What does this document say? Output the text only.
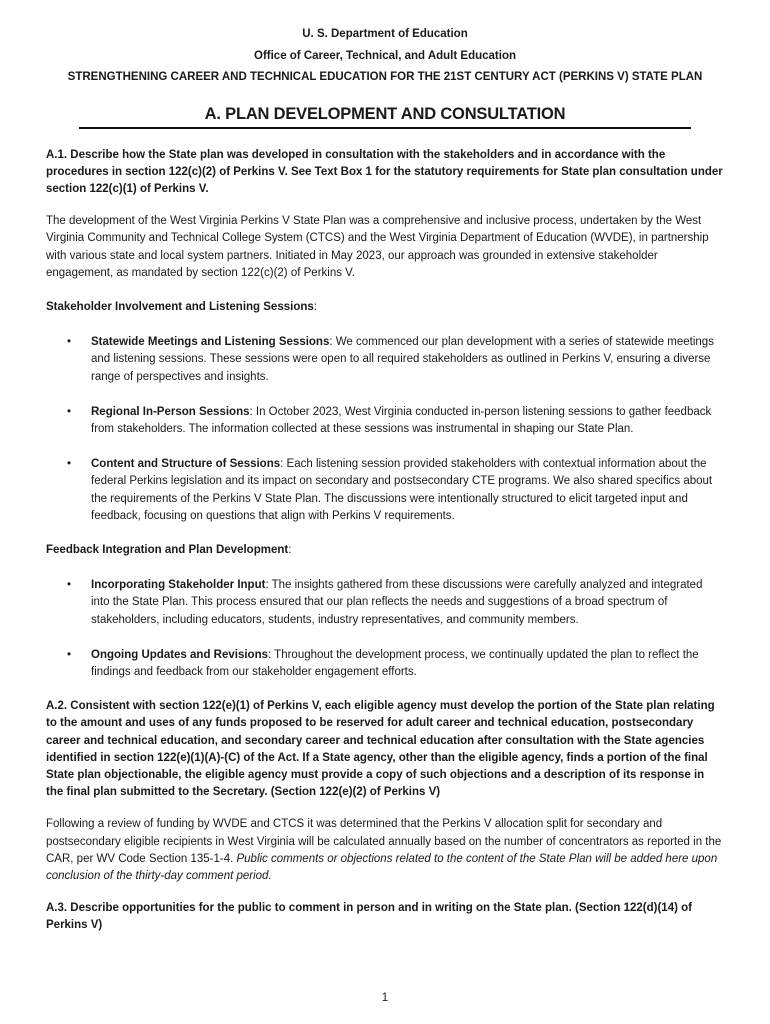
U. S. Department of Education
Office of Career, Technical, and Adult Education
STRENGTHENING CAREER AND TECHNICAL EDUCATION FOR THE 21ST CENTURY ACT (PERKINS V) STATE PLAN
A. PLAN DEVELOPMENT AND CONSULTATION

A.1. Describe how the State plan was developed in consultation with the stakeholders and in accordance with the procedures in section 122(c)(2) of Perkins V. See Text Box 1 for the statutory requirements for State plan consultation under section 122(c)(1) of Perkins V.

The development of the West Virginia Perkins V State Plan was a comprehensive and inclusive process, undertaken by the West Virginia Community and Technical College System (CTCS) and the West Virginia Department of Education (WVDE), in partnership with various state and local system partners. Initiated in May 2023, our approach was grounded in extensive stakeholder engagement, as mandated by section 122(c)(2) of Perkins V.

Stakeholder Involvement and Listening Sessions:

• Statewide Meetings and Listening Sessions: We commenced our plan development with a series of statewide meetings and listening sessions. These sessions were open to all required stakeholders as outlined in Perkins V, ensuring a diverse range of perspectives and insights.
• Regional In-Person Sessions: In October 2023, West Virginia conducted in-person listening sessions to gather feedback from stakeholders. The information collected at these sessions was instrumental in shaping our State Plan.
• Content and Structure of Sessions: Each listening session provided stakeholders with contextual information about the federal Perkins legislation and its impact on secondary and postsecondary CTE programs. We also shared specifics about the requirements of the Perkins V State Plan. The discussions were intentionally structured to elicit targeted input and feedback, focusing on questions that align with Perkins V requirements.

Feedback Integration and Plan Development:

• Incorporating Stakeholder Input: The insights gathered from these discussions were carefully analyzed and integrated into the State Plan. This process ensured that our plan reflects the needs and suggestions of a broad spectrum of stakeholders, including educators, students, industry representatives, and community members.
• Ongoing Updates and Revisions: Throughout the development process, we continually updated the plan to reflect the findings and feedback from our stakeholder engagement efforts.

A.2. Consistent with section 122(e)(1) of Perkins V, each eligible agency must develop the portion of the State plan relating to the amount and uses of any funds proposed to be reserved for adult career and technical education, postsecondary career and technical education, and secondary career and technical education after consultation with the State agencies identified in section 122(e)(1)(A)-(C) of the Act. If a State agency, other than the eligible agency, finds a portion of the final State plan objectionable, the eligible agency must provide a copy of such objections and a description of its response in the final plan submitted to the Secretary. (Section 122(e)(2) of Perkins V)

Following a review of funding by WVDE and CTCS it was determined that the Perkins V allocation split for secondary and postsecondary eligible recipients in West Virginia will be calculated annually based on the number of concentrators as reported in the CAR, per WV Code Section 135-1-4. Public comments or objections related to the content of the State Plan will be added here upon conclusion of the thirty-day comment period.

A.3. Describe opportunities for the public to comment in person and in writing on the State plan. (Section 122(d)(14) of Perkins V)

1
